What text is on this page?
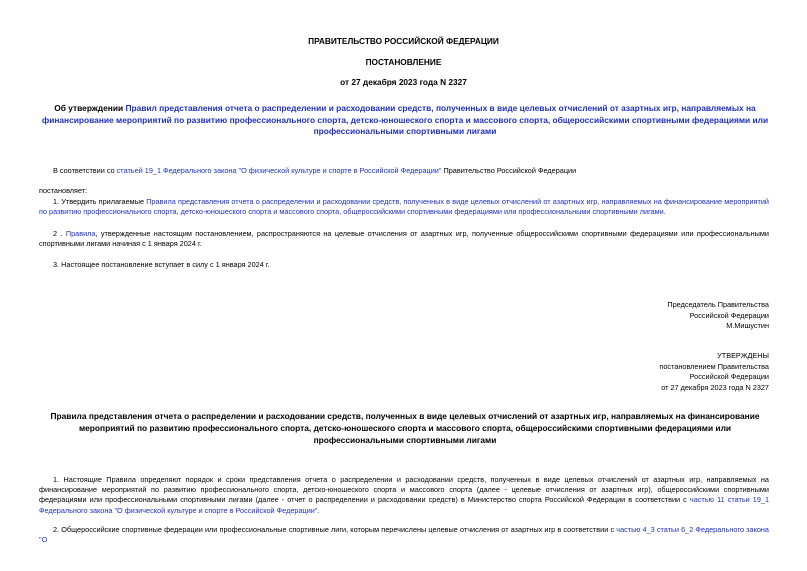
ПРАВИТЕЛЬСТВО РОССИЙСКОЙ ФЕДЕРАЦИИ
ПОСТАНОВЛЕНИЕ
от 27 декабря 2023 года N 2327
Об утверждении Правил представления отчета о распределении и расходовании средств, полученных в виде целевых отчислений от азартных игр, направляемых на финансирование мероприятий по развитию профессионального спорта, детско-юношеского спорта и массового спорта, общероссийскими спортивными федерациями или профессиональными спортивными лигами
В соответствии со статьей 19_1 Федерального закона "О физической культуре и спорте в Российской Федерации" Правительство Российской Федерации
постановляет:
1. Утвердить прилагаемые Правила представления отчета о распределении и расходовании средств, полученных в виде целевых отчислений от азартных игр, направляемых на финансирование мероприятий по развитию профессионального спорта, детско-юношеского спорта и массового спорта, общероссийскими спортивными федерациями или профессиональными спортивными лигами.
2 . Правила, утвержденные настоящим постановлением, распространяются на целевые отчисления от азартных игр, полученные общероссийскими спортивными федерациями или профессиональными спортивными лигами начиная с 1 января 2024 г.
3. Настоящее постановление вступает в силу с 1 января 2024 г.
Председатель Правительства
Российской Федерации
М.Мишустин
УТВЕРЖДЕНЫ
постановлением Правительства
Российской Федерации
от 27 декабря 2023 года N 2327
Правила представления отчета о распределении и расходовании средств, полученных в виде целевых отчислений от азартных игр, направляемых на финансирование мероприятий по развитию профессионального спорта, детско-юношеского спорта и массового спорта, общероссийскими спортивными федерациями или профессиональными спортивными лигами
1. Настоящие Правила определяют порядок и сроки представления отчета о распределении и расходовании средств, полученных в виде целевых отчислений от азартных игр, направляемых на финансирование мероприятий по развитию профессионального спорта, детско-юношеского спорта и массового спорта (далее - целевые отчисления от азартных игр), общероссийскими спортивными федерациями или профессиональными спортивными лигами (далее - отчет о распределении и расходовании средств) в Министерство спорта Российской Федерации в соответствии с частью 11 статьи 19_1 Федерального закона "О физической культуре и спорте в Российской Федерации".
2. Общероссийские спортивные федерации или профессиональные спортивные лиги, которым перечислены целевые отчисления от азартных игр в соответствии с частью 4_3 статьи 6_2 Федерального закона "О
